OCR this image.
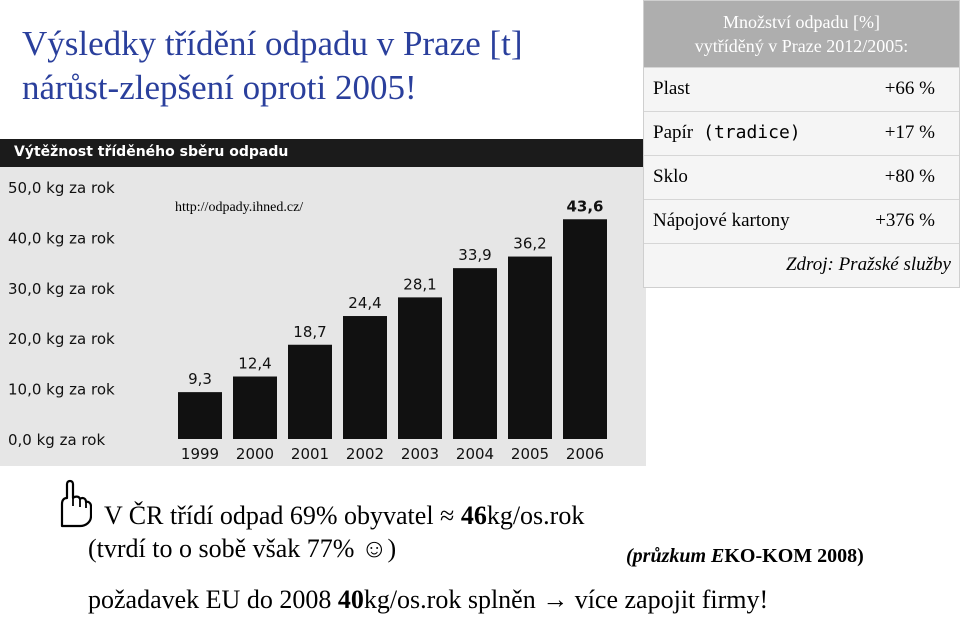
Výsledky třídění odpadu v Praze [t]
nárůst-zlepšení oproti 2005!
Výtěžnost tříděného sběru odpadu
0,0 kg za rok
10,0 kg za rok
20,0 kg za rok
30,0 kg za rok
40,0 kg za rok
50,0 kg za rok
9,3
1999
12,4
2000
18,7
2001
24,4
2002
28,1
2003
33,9
2004
36,2
2005
43,6
2006
http://odpady.ihned.cz/
Množství odpadu [%]
vytříděný v Praze 2012/2005:
Plast	+66 %
Papír (tradice)	+17 %
Sklo	+80 %
Nápojové kartony	+376 %
Zdroj: Pražské služby
V ČR třídí odpad 69% obyvatel ≈ 46kg/os.rok
(tvrdí to o sobě však 77% ☺)	(průzkum EKO-KOM 2008)
požadavek EU do 2008 40kg/os.rok splněn → více zapojit firmy!
